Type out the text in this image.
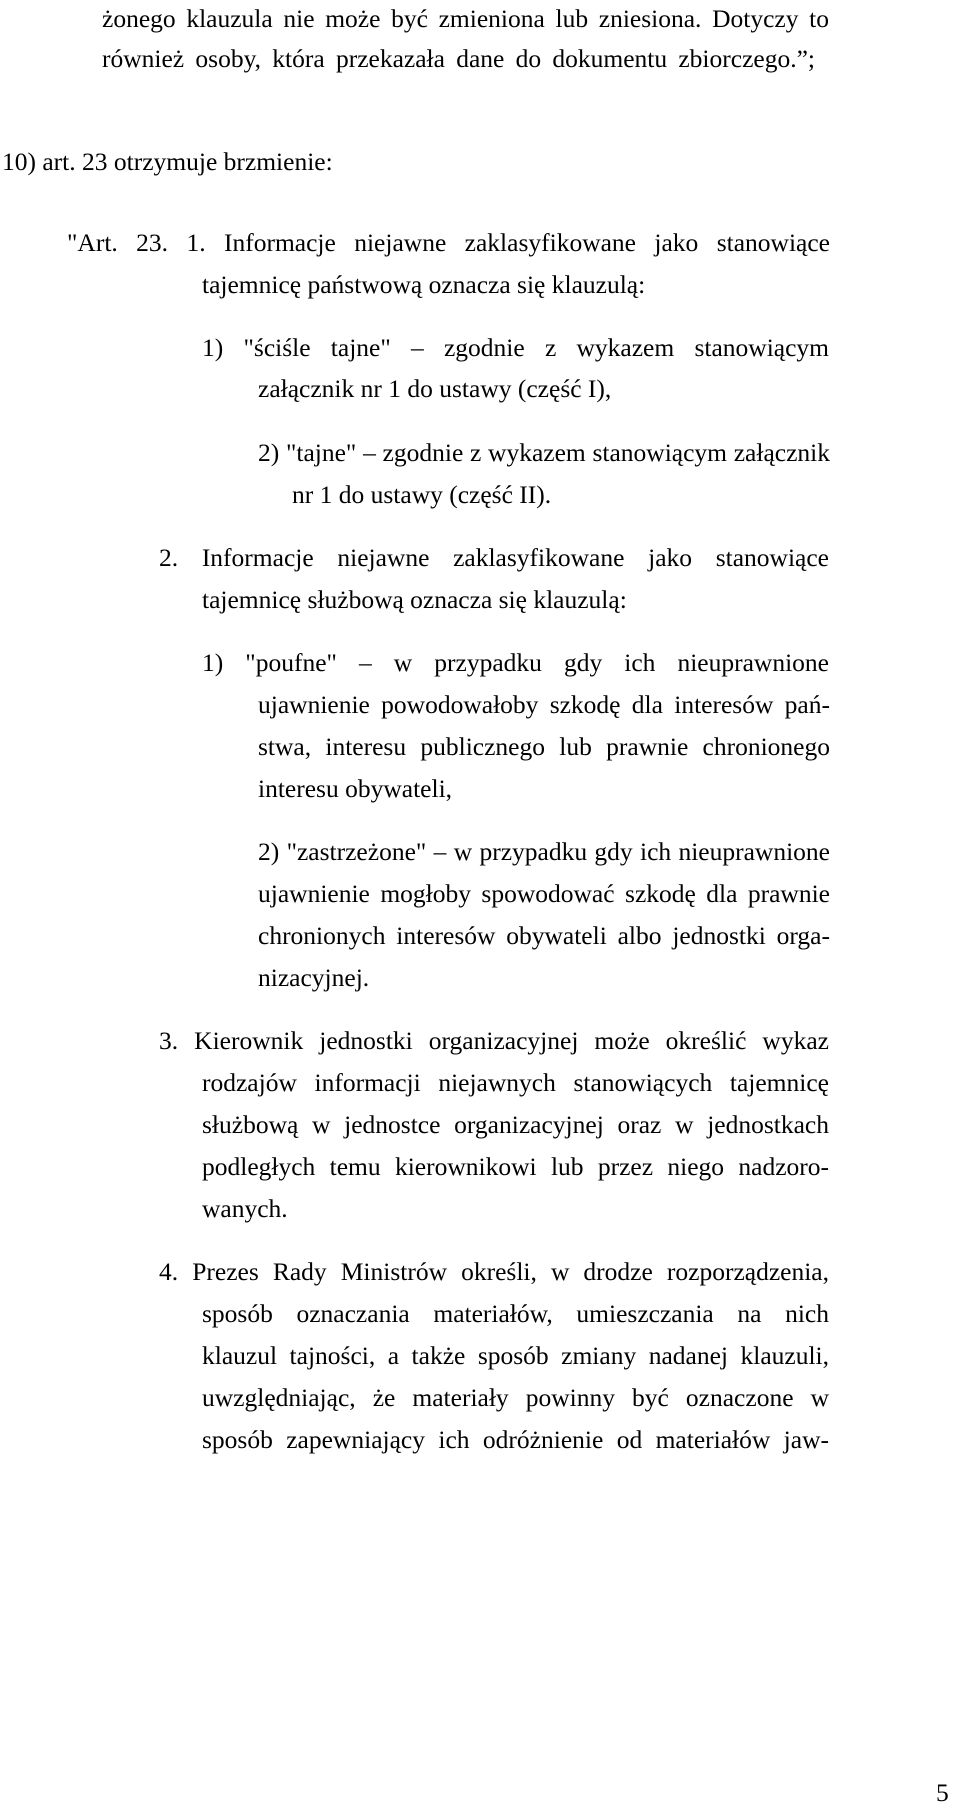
żonego klauzula nie może być zmieniona lub zniesiona. Dotyczy to
również osoby, która przekazała dane do dokumentu zbiorczego.”;
10) art. 23 otrzymuje brzmienie:
"Art. 23. 1. Informacje niejawne zaklasyfikowane jako stanowiące
tajemnicę państwową oznacza się klauzulą:
1) "ściśle tajne" – zgodnie z wykazem stanowiącym
załącznik nr 1 do ustawy (część I),
2) "tajne" – zgodnie z wykazem stanowiącym załącznik
nr 1 do ustawy (część II).
2. Informacje niejawne zaklasyfikowane jako stanowiące
tajemnicę służbową oznacza się klauzulą:
1) "poufne" – w przypadku gdy ich nieuprawnione
ujawnienie powodowałoby szkodę dla interesów pań-
stwa, interesu publicznego lub prawnie chronionego
interesu obywateli,
2) "zastrzeżone" – w przypadku gdy ich nieuprawnione
ujawnienie mogłoby spowodować szkodę dla prawnie
chronionych interesów obywateli albo jednostki orga-
nizacyjnej.
3. Kierownik jednostki organizacyjnej może określić wykaz
rodzajów informacji niejawnych stanowiących tajemnicę
służbową w jednostce organizacyjnej oraz w jednostkach
podległych temu kierownikowi lub przez niego nadzoro-
wanych.
4. Prezes Rady Ministrów określi, w drodze rozporządzenia,
sposób oznaczania materiałów, umieszczania na nich
klauzul tajności, a także sposób zmiany nadanej klauzuli,
uwzględniając, że materiały powinny być oznaczone w
sposób zapewniający ich odróżnienie od materiałów jaw-
5
